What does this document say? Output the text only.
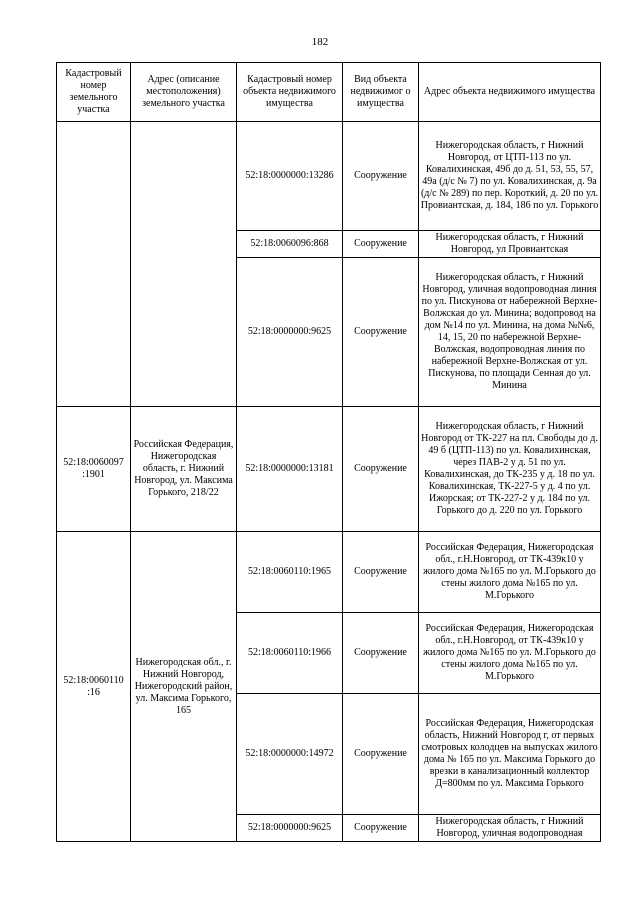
182
Кадастровый номер земельного участка	Адрес (описание местоположения) земельного участка	Кадастровый номер объекта недвижимого имущества	Вид объекта недвижимог о имущества	Адрес объекта недвижимого имущества
		52:18:0000000:13286	Сооружение	Нижегородская область, г Нижний Новгород, от ЦТП-113 по ул. Ковалихинская, 49б до д. 51, 53, 55, 57, 49а (д/с № 7) по ул. Ковалихинская, д. 9а (д/с № 289) по пер. Короткий, д. 20 по ул. Провиантская, д. 184, 186 по ул. Горького
		52:18:0060096:868	Сооружение	Нижегородская область, г Нижний Новгород, ул Провиантская
		52:18:0000000:9625	Сооружение	Нижегородская область, г Нижний Новгород, уличная водопроводная линия по ул. Пискунова от набережной Верхне-Волжская до ул. Минина; водопровод на дом №14 по ул. Минина, на дома №№6, 14, 15, 20 по набережной Верхне-Волжская, водопроводная линия по набережной Верхне-Волжская от ул. Пискунова, по площади Сенная до ул. Минина
52:18:0060097 :1901	Российская Федерация, Нижегородская область, г. Нижний Новгород, ул. Максима Горького, 218/22	52:18:0000000:13181	Сооружение	Нижегородская область, г Нижний Новгород от ТК-227 на пл. Свободы до д. 49 б (ЦТП-113) по ул. Ковалихинская, через ПАВ-2 у д. 51 по ул. Ковалихинская, до ТК-235 у д. 18 по ул. Ковалихинская, ТК-227-5 у д. 4 по ул. Ижорская; от ТК-227-2 у д. 184 по ул. Горького до д. 220 по ул. Горького
52:18:0060110 :16	Нижегородская обл., г. Нижний Новгород, Нижегородский район, ул. Максима Горького, 165	52:18:0060110:1965	Сооружение	Российская Федерация, Нижегородская обл., г.Н.Новгород, от ТК-439к10 у жилого дома №165 по ул. М.Горького до стены жилого дома №165 по ул. М.Горького
		52:18:0060110:1966	Сооружение	Российская Федерация, Нижегородская обл., г.Н.Новгород, от ТК-439к10 у жилого дома №165 по ул. М.Горького до стены жилого дома №165 по ул. М.Горького
		52:18:0000000:14972	Сооружение	Российская Федерация, Нижегородская область, Нижний Новгород г, от первых смотровых колодцев на выпусках жилого дома № 165 по ул. Максима Горького до врезки в канализационный коллектор Д=800мм по ул. Максима Горького
		52:18:0000000:9625	Сооружение	Нижегородская область, г Нижний Новгород, уличная водопроводная
